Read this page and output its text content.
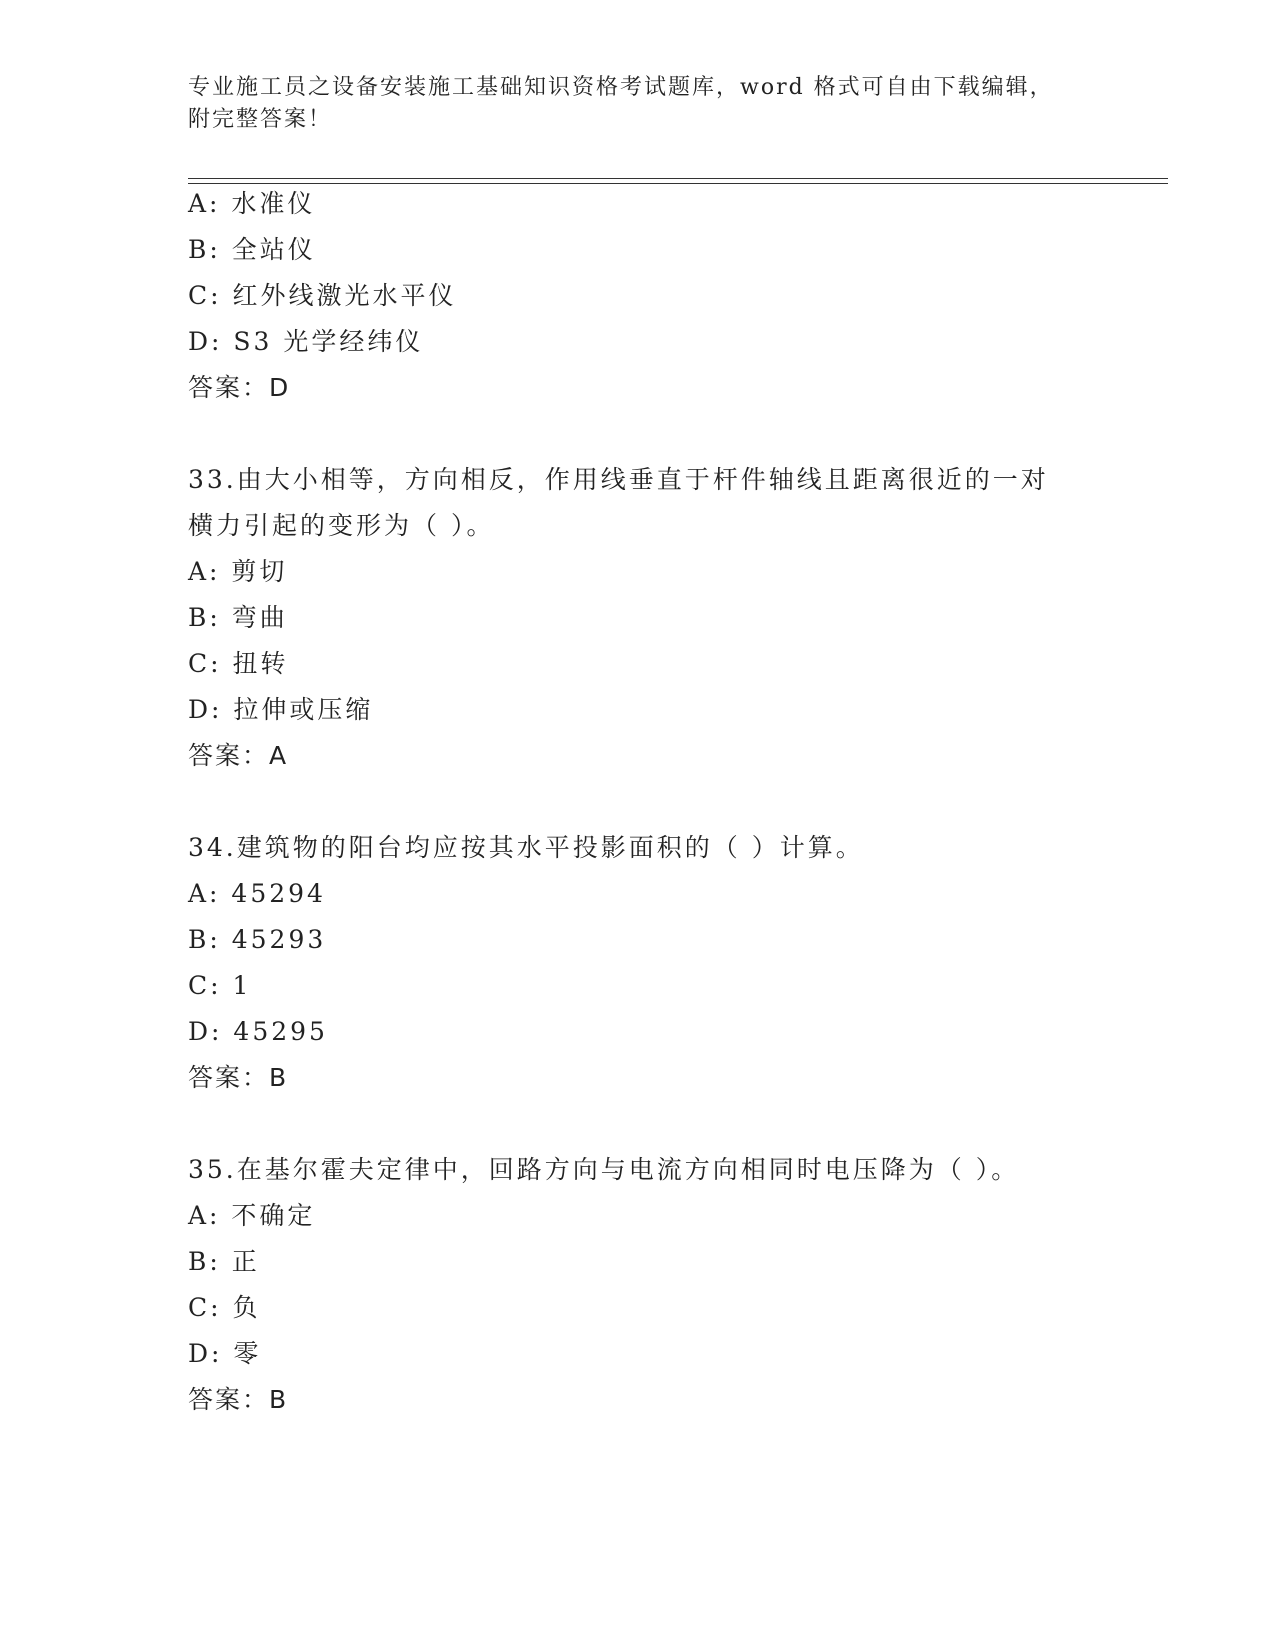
专业施工员之设备安装施工基础知识资格考试题库，word 格式可自由下载编辑，
附完整答案！
A: 水准仪
B: 全站仪
C: 红外线激光水平仪
D: S3 光学经纬仪
答案：D
33.由大小相等，方向相反，作用线垂直于杆件轴线且距离很近的一对
横力引起的变形为（ ）。
A: 剪切
B: 弯曲
C: 扭转
D: 拉伸或压缩
答案：A
34.建筑物的阳台均应按其水平投影面积的（ ）计算。
A: 45294
B: 45293
C: 1
D: 45295
答案：B
35.在基尔霍夫定律中，回路方向与电流方向相同时电压降为（ ）。
A: 不确定
B: 正
C: 负
D: 零
答案：B
